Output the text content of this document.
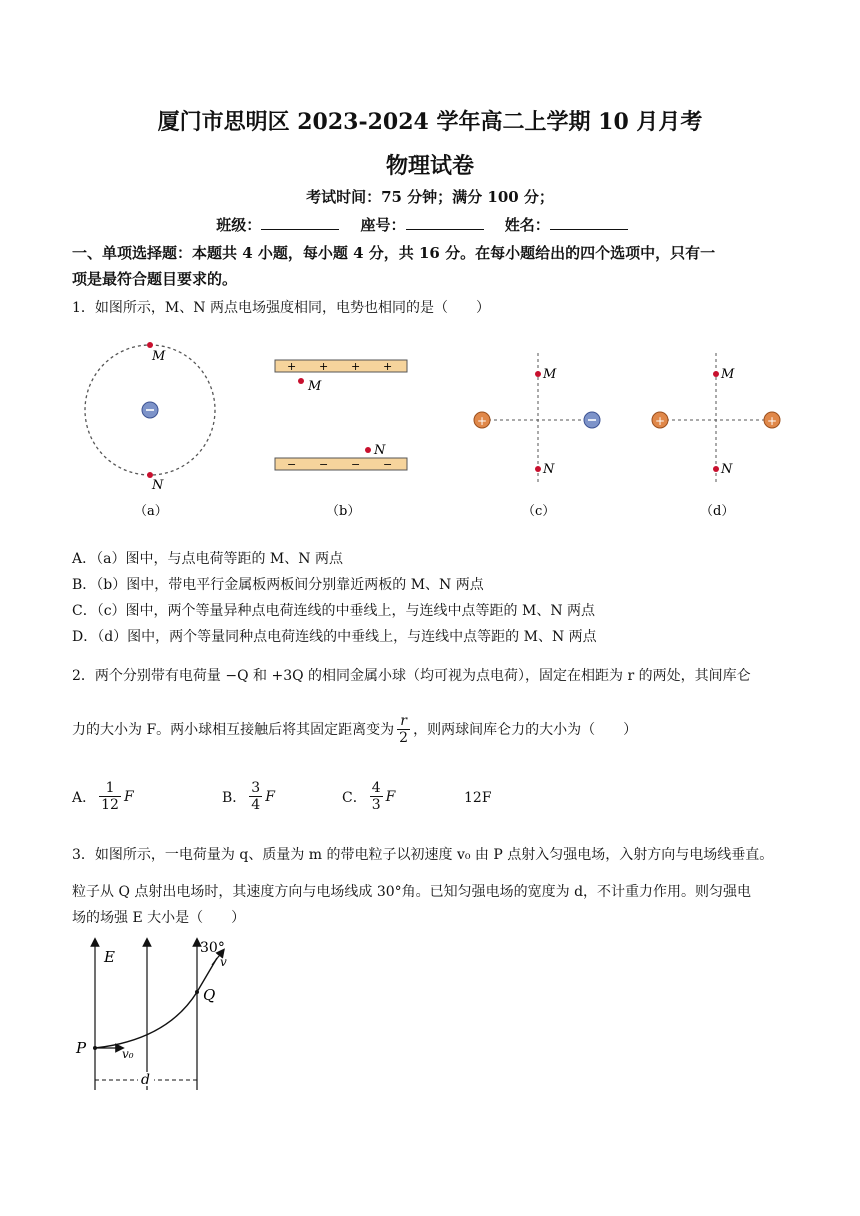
厦门市思明区 2023-2024 学年高二上学期 10 月月考
物理试卷
考试时间：75 分钟；满分 100 分；
班级：	座号：	姓名：
一、单项选择题：本题共 4 小题，每小题 4 分，共 16 分。在每小题给出的四个选项中，只有一
项是最符合题目要求的。
1．如图所示，M、N 两点电场强度相同，电势也相同的是（　　）
M
N
（a）
+ + + +
− − − −
M
N
（b）
+
M
N
（c）
+	+
M
N
（d）
A．（a）图中，与点电荷等距的 M、N 两点
B．（b）图中，带电平行金属板两板间分别靠近两板的 M、N 两点
C．（c）图中，两个等量异种点电荷连线的中垂线上，与连线中点等距的 M、N 两点
D．（d）图中，两个等量同种点电荷连线的中垂线上，与连线中点等距的 M、N 两点
2．两个分别带有电荷量 −Q 和 +3Q 的相同金属小球（均可视为点电荷），固定在相距为 r 的两处，其间库仑
力的大小为 F。两小球相互接触后将其固定距离变为 $\frac{r}{2}$ ，则两球间库仑力的大小为（　　）
A． $\frac{1}{12}$ F	B． $\frac{3}{4}$ F	C． $\frac{4}{3}$ F	12F
3．如图所示，一电荷量为 q、质量为 m 的带电粒子以初速度 v₀ 由 P 点射入匀强电场，入射方向与电场线垂直。
粒子从 Q 点射出电场时，其速度方向与电场线成 30°角。已知匀强电场的宽度为 d，不计重力作用。则匀强电
场的场强 E 大小是（　　）
E	30°
v
Q
P	v₀
d
